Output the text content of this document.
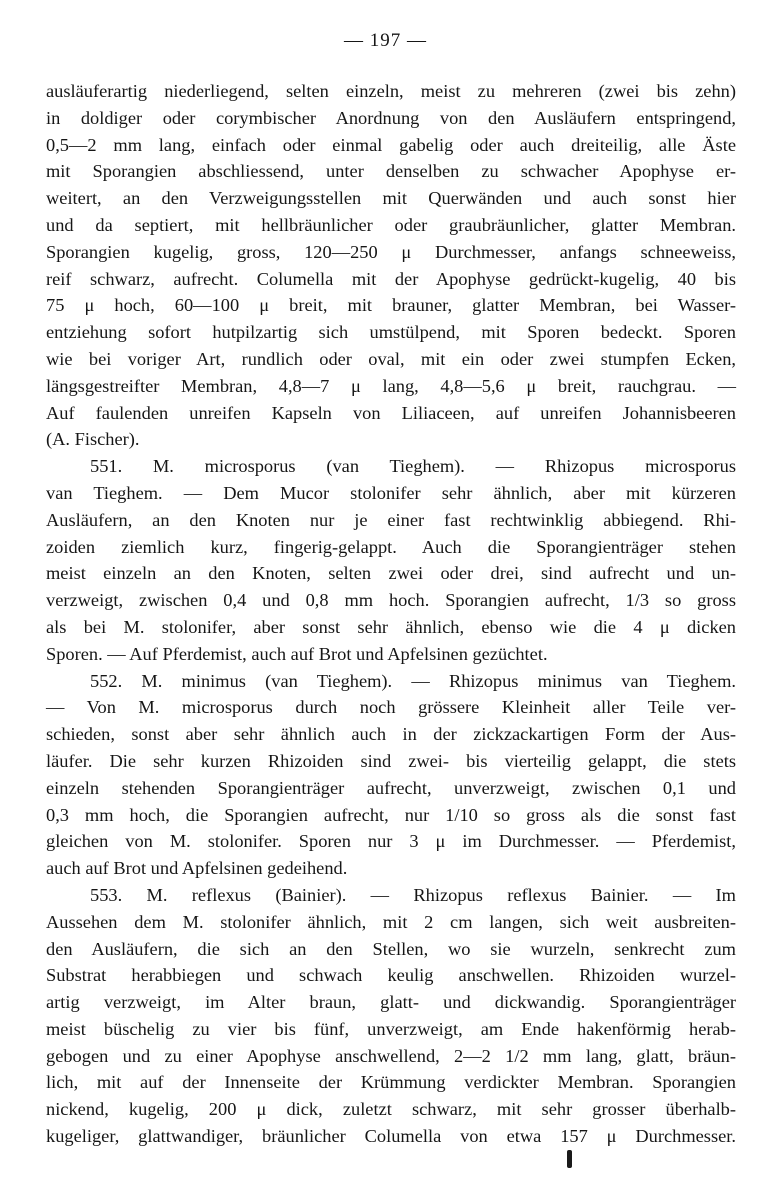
— 197 —
ausläuferartig niederliegend, selten einzeln, meist zu mehreren (zwei bis zehn)
in doldiger oder corymbischer Anordnung von den Ausläufern entspringend,
0,5—2 mm lang, einfach oder einmal gabelig oder auch dreiteilig, alle Äste
mit Sporangien abschliessend, unter denselben zu schwacher Apophyse er-
weitert, an den Verzweigungsstellen mit Querwänden und auch sonst hier
und da septiert, mit hellbräunlicher oder graubräunlicher, glatter Membran.
Sporangien kugelig, gross, 120—250 μ Durchmesser, anfangs schneeweiss,
reif schwarz, aufrecht. Columella mit der Apophyse gedrückt-kugelig, 40 bis
75 μ hoch, 60—100 μ breit, mit brauner, glatter Membran, bei Wasser-
entziehung sofort hutpilzartig sich umstülpend, mit Sporen bedeckt. Sporen
wie bei voriger Art, rundlich oder oval, mit ein oder zwei stumpfen Ecken,
längsgestreifter Membran, 4,8—7 μ lang, 4,8—5,6 μ breit, rauchgrau. —
Auf faulenden unreifen Kapseln von Liliaceen, auf unreifen Johannisbeeren
(A. Fischer).
551. M. microsporus (van Tieghem). — Rhizopus microsporus
van Tieghem. — Dem Mucor stolonifer sehr ähnlich, aber mit kürzeren
Ausläufern, an den Knoten nur je einer fast rechtwinklig abbiegend. Rhi-
zoiden ziemlich kurz, fingerig-gelappt. Auch die Sporangienträger stehen
meist einzeln an den Knoten, selten zwei oder drei, sind aufrecht und un-
verzweigt, zwischen 0,4 und 0,8 mm hoch. Sporangien aufrecht, 1/3 so gross
als bei M. stolonifer, aber sonst sehr ähnlich, ebenso wie die 4 μ dicken
Sporen. — Auf Pferdemist, auch auf Brot und Apfelsinen gezüchtet.
552. M. minimus (van Tieghem). — Rhizopus minimus van Tieghem.
— Von M. microsporus durch noch grössere Kleinheit aller Teile ver-
schieden, sonst aber sehr ähnlich auch in der zickzackartigen Form der Aus-
läufer. Die sehr kurzen Rhizoiden sind zwei- bis vierteilig gelappt, die stets
einzeln stehenden Sporangienträger aufrecht, unverzweigt, zwischen 0,1 und
0,3 mm hoch, die Sporangien aufrecht, nur 1/10 so gross als die sonst fast
gleichen von M. stolonifer. Sporen nur 3 μ im Durchmesser. — Pferdemist,
auch auf Brot und Apfelsinen gedeihend.
553. M. reflexus (Bainier). — Rhizopus reflexus Bainier. — Im
Aussehen dem M. stolonifer ähnlich, mit 2 cm langen, sich weit ausbreiten-
den Ausläufern, die sich an den Stellen, wo sie wurzeln, senkrecht zum
Substrat herabbiegen und schwach keulig anschwellen. Rhizoiden wurzel-
artig verzweigt, im Alter braun, glatt- und dickwandig. Sporangienträger
meist büschelig zu vier bis fünf, unverzweigt, am Ende hakenförmig herab-
gebogen und zu einer Apophyse anschwellend, 2—2 1/2 mm lang, glatt, bräun-
lich, mit auf der Innenseite der Krümmung verdickter Membran. Sporangien
nickend, kugelig, 200 μ dick, zuletzt schwarz, mit sehr grosser überhalb-
kugeliger, glattwandiger, bräunlicher Columella von etwa 157 μ Durchmesser.
